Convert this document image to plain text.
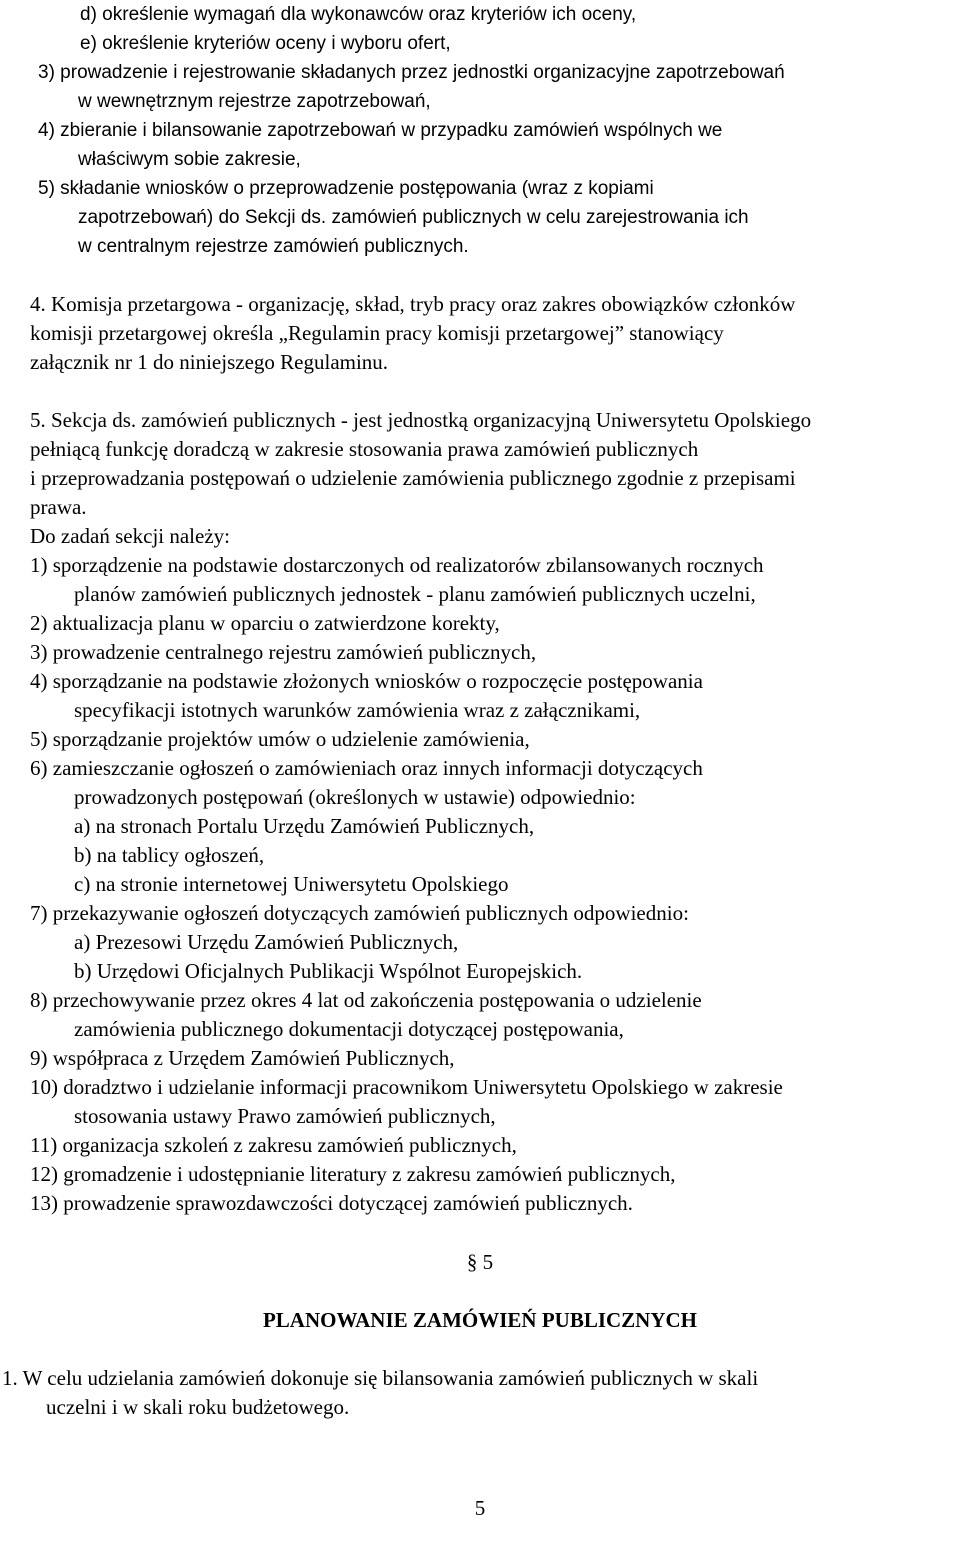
d) określenie wymagań dla wykonawców oraz kryteriów ich oceny,
e) określenie kryteriów oceny i wyboru ofert,
3) prowadzenie i rejestrowanie składanych przez jednostki organizacyjne zapotrzebowań
w wewnętrznym rejestrze zapotrzebowań,
4) zbieranie i bilansowanie zapotrzebowań w przypadku zamówień wspólnych we
właściwym sobie zakresie,
5) składanie wniosków o przeprowadzenie postępowania (wraz z kopiami
zapotrzebowań) do Sekcji ds. zamówień publicznych w celu zarejestrowania ich
w centralnym rejestrze zamówień publicznych.
4. Komisja przetargowa - organizację, skład, tryb pracy oraz zakres obowiązków członków
komisji przetargowej określa „Regulamin pracy komisji przetargowej” stanowiący
załącznik nr 1 do niniejszego Regulaminu.
5. Sekcja ds. zamówień publicznych - jest jednostką organizacyjną Uniwersytetu Opolskiego
pełniącą funkcję doradczą w zakresie stosowania prawa zamówień publicznych
i przeprowadzania postępowań o udzielenie zamówienia publicznego zgodnie z przepisami
prawa.
Do zadań sekcji należy:
1) sporządzenie na podstawie dostarczonych od realizatorów zbilansowanych rocznych
planów zamówień publicznych jednostek - planu zamówień publicznych uczelni,
2) aktualizacja planu w oparciu o zatwierdzone korekty,
3) prowadzenie centralnego rejestru zamówień publicznych,
4) sporządzanie na podstawie złożonych wniosków o rozpoczęcie postępowania
specyfikacji istotnych warunków zamówienia wraz z załącznikami,
5) sporządzanie projektów umów o udzielenie zamówienia,
6) zamieszczanie ogłoszeń o zamówieniach oraz innych informacji dotyczących
prowadzonych postępowań (określonych w ustawie) odpowiednio:
a) na stronach Portalu Urzędu Zamówień Publicznych,
b) na tablicy ogłoszeń,
c) na stronie internetowej Uniwersytetu Opolskiego
7) przekazywanie ogłoszeń dotyczących zamówień publicznych odpowiednio:
a) Prezesowi Urzędu Zamówień Publicznych,
b) Urzędowi Oficjalnych Publikacji Wspólnot Europejskich.
8) przechowywanie przez okres 4 lat od zakończenia postępowania o udzielenie
zamówienia publicznego dokumentacji dotyczącej postępowania,
9) współpraca z Urzędem Zamówień Publicznych,
10) doradztwo i udzielanie informacji pracownikom Uniwersytetu Opolskiego w zakresie
stosowania ustawy Prawo zamówień publicznych,
11) organizacja szkoleń z zakresu zamówień publicznych,
12) gromadzenie i udostępnianie literatury z zakresu zamówień publicznych,
13) prowadzenie sprawozdawczości dotyczącej zamówień publicznych.
§ 5
PLANOWANIE ZAMÓWIEŃ PUBLICZNYCH
1. W celu udzielania zamówień dokonuje się bilansowania zamówień publicznych w skali
uczelni i w skali roku budżetowego.
5
